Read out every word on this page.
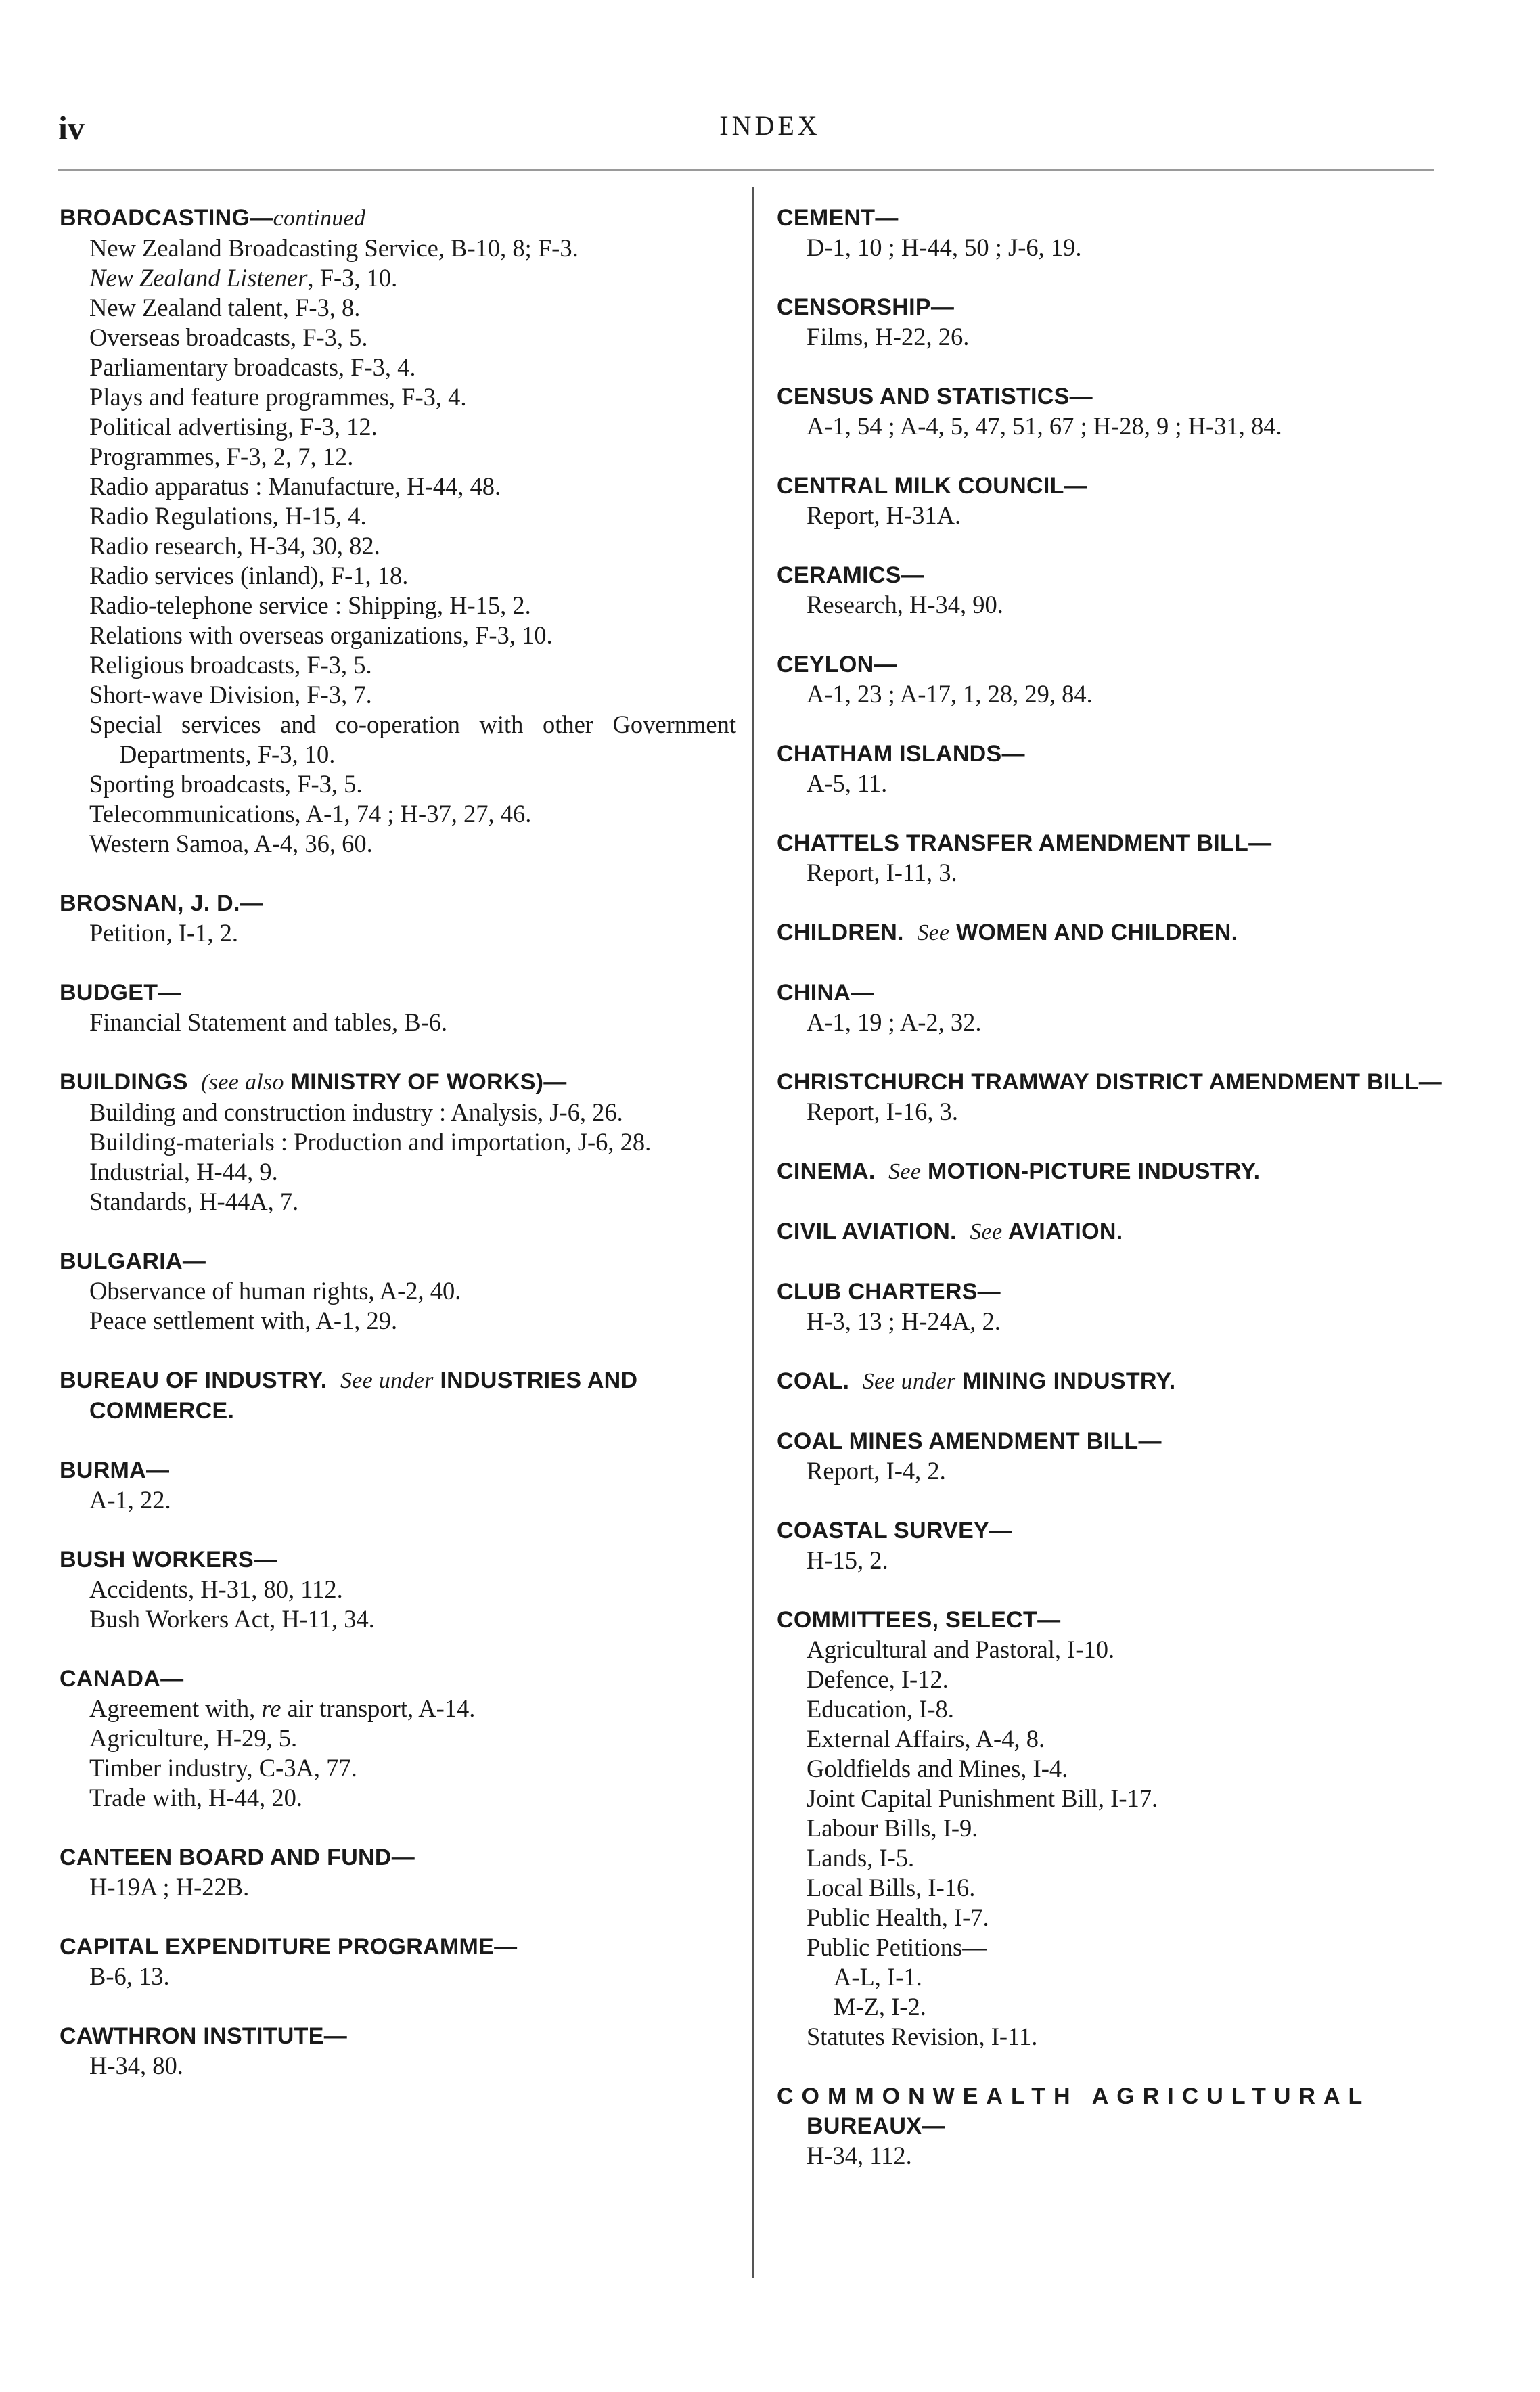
iv	INDEX
BROADCASTING—continued
New Zealand Broadcasting Service, B-10, 8; F-3.
New Zealand Listener, F-3, 10.
New Zealand talent, F-3, 8.
Overseas broadcasts, F-3, 5.
Parliamentary broadcasts, F-3, 4.
Plays and feature programmes, F-3, 4.
Political advertising, F-3, 12.
Programmes, F-3, 2, 7, 12.
Radio apparatus : Manufacture, H-44, 48.
Radio Regulations, H-15, 4.
Radio research, H-34, 30, 82.
Radio services (inland), F-1, 18.
Radio-telephone service : Shipping, H-15, 2.
Relations with overseas organizations, F-3, 10.
Religious broadcasts, F-3, 5.
Short-wave Division, F-3, 7.
Special services and co-operation with other Government Departments, F-3, 10.
Sporting broadcasts, F-3, 5.
Telecommunications, A-1, 74 ; H-37, 27, 46.
Western Samoa, A-4, 36, 60.
BROSNAN, J. D.—
Petition, I-1, 2.
BUDGET—
Financial Statement and tables, B-6.
BUILDINGS (see also MINISTRY OF WORKS)—
Building and construction industry : Analysis, J-6, 26.
Building-materials : Production and importation, J-6, 28.
Industrial, H-44, 9.
Standards, H-44A, 7.
BULGARIA—
Observance of human rights, A-2, 40.
Peace settlement with, A-1, 29.
BUREAU OF INDUSTRY. See under INDUSTRIES AND COMMERCE.
BURMA—
A-1, 22.
BUSH WORKERS—
Accidents, H-31, 80, 112.
Bush Workers Act, H-11, 34.
CANADA—
Agreement with, re air transport, A-14.
Agriculture, H-29, 5.
Timber industry, C-3A, 77.
Trade with, H-44, 20.
CANTEEN BOARD AND FUND—
H-19A ; H-22B.
CAPITAL EXPENDITURE PROGRAMME—
B-6, 13.
CAWTHRON INSTITUTE—
H-34, 80.
CEMENT—
D-1, 10 ; H-44, 50 ; J-6, 19.
CENSORSHIP—
Films, H-22, 26.
CENSUS AND STATISTICS—
A-1, 54 ; A-4, 5, 47, 51, 67 ; H-28, 9 ; H-31, 84.
CENTRAL MILK COUNCIL—
Report, H-31A.
CERAMICS—
Research, H-34, 90.
CEYLON—
A-1, 23 ; A-17, 1, 28, 29, 84.
CHATHAM ISLANDS—
A-5, 11.
CHATTELS TRANSFER AMENDMENT BILL—
Report, I-11, 3.
CHILDREN. See WOMEN AND CHILDREN.
CHINA—
A-1, 19 ; A-2, 32.
CHRISTCHURCH TRAMWAY DISTRICT AMENDMENT BILL—
Report, I-16, 3.
CINEMA. See MOTION-PICTURE INDUSTRY.
CIVIL AVIATION. See AVIATION.
CLUB CHARTERS—
H-3, 13 ; H-24A, 2.
COAL. See under MINING INDUSTRY.
COAL MINES AMENDMENT BILL—
Report, I-4, 2.
COASTAL SURVEY—
H-15, 2.
COMMITTEES, SELECT—
Agricultural and Pastoral, I-10.
Defence, I-12.
Education, I-8.
External Affairs, A-4, 8.
Goldfields and Mines, I-4.
Joint Capital Punishment Bill, I-17.
Labour Bills, I-9.
Lands, I-5.
Local Bills, I-16.
Public Health, I-7.
Public Petitions—
A-L, I-1.
M-Z, I-2.
Statutes Revision, I-11.
COMMONWEALTH AGRICULTURAL
BUREAUX—
H-34, 112.
